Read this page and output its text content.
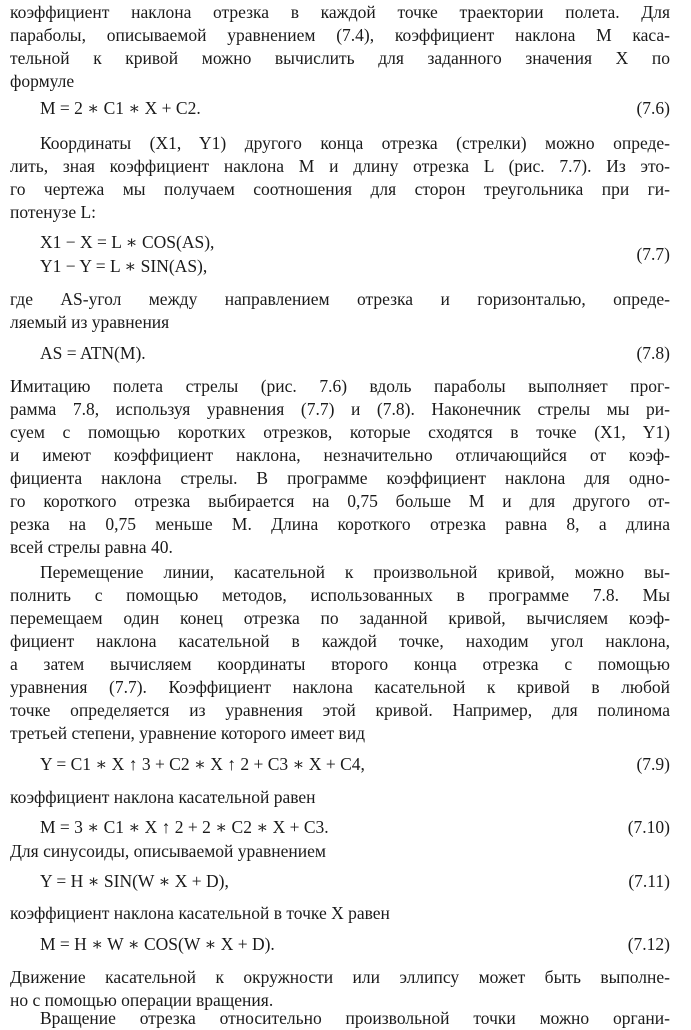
коэффициент наклона отрезка в каждой точке траектории полета. Для
параболы, описываемой уравнением (7.4), коэффициент наклона M каса-
тельной к кривой можно вычислить для заданного значения X по
формуле
M = 2 ∗ C1 ∗ X + C2.	(7.6)
Координаты (X1, Y1) другого конца отрезка (стрелки) можно опреде-
лить, зная коэффициент наклона M и длину отрезка L (рис. 7.7). Из это-
го чертежа мы получаем соотношения для сторон треугольника при ги-
потенузе L:
X1 − X = L ∗ COS(AS),
Y1 − Y = L ∗ SIN(AS),
(7.7)
где AS-угол между направлением отрезка и горизонталью, опреде-
ляемый из уравнения
AS = ATN(M).	(7.8)
Имитацию полета стрелы (рис. 7.6) вдоль параболы выполняет прог-
рамма 7.8, используя уравнения (7.7) и (7.8). Наконечник стрелы мы ри-
суем с помощью коротких отрезков, которые сходятся в точке (X1, Y1)
и имеют коэффициент наклона, незначительно отличающийся от коэф-
фициента наклона стрелы. В программе коэффициент наклона для одно-
го короткого отрезка выбирается на 0,75 больше M и для другого от-
резка на 0,75 меньше M. Длина короткого отрезка равна 8, а длина
всей стрелы равна 40.
Перемещение линии, касательной к произвольной кривой, можно вы-
полнить с помощью методов, использованных в программе 7.8. Мы
перемещаем один конец отрезка по заданной кривой, вычисляем коэф-
фициент наклона касательной в каждой точке, находим угол наклона,
а затем вычисляем координаты второго конца отрезка с помощью
уравнения (7.7). Коэффициент наклона касательной к кривой в любой
точке определяется из уравнения этой кривой. Например, для полинома
третьей степени, уравнение которого имеет вид
Y = C1 ∗ X ↑ 3 + C2 ∗ X ↑ 2 + C3 ∗ X + C4,	(7.9)
коэффициент наклона касательной равен
M = 3 ∗ C1 ∗ X ↑ 2 + 2 ∗ C2 ∗ X + C3.	(7.10)
Для синусоиды, описываемой уравнением
Y = H ∗ SIN(W ∗ X + D),	(7.11)
коэффициент наклона касательной в точке X равен
M = H ∗ W ∗ COS(W ∗ X + D).	(7.12)
Движение касательной к окружности или эллипсу может быть выполне-
но с помощью операции вращения.
Вращение отрезка относительно произвольной точки можно органи-
